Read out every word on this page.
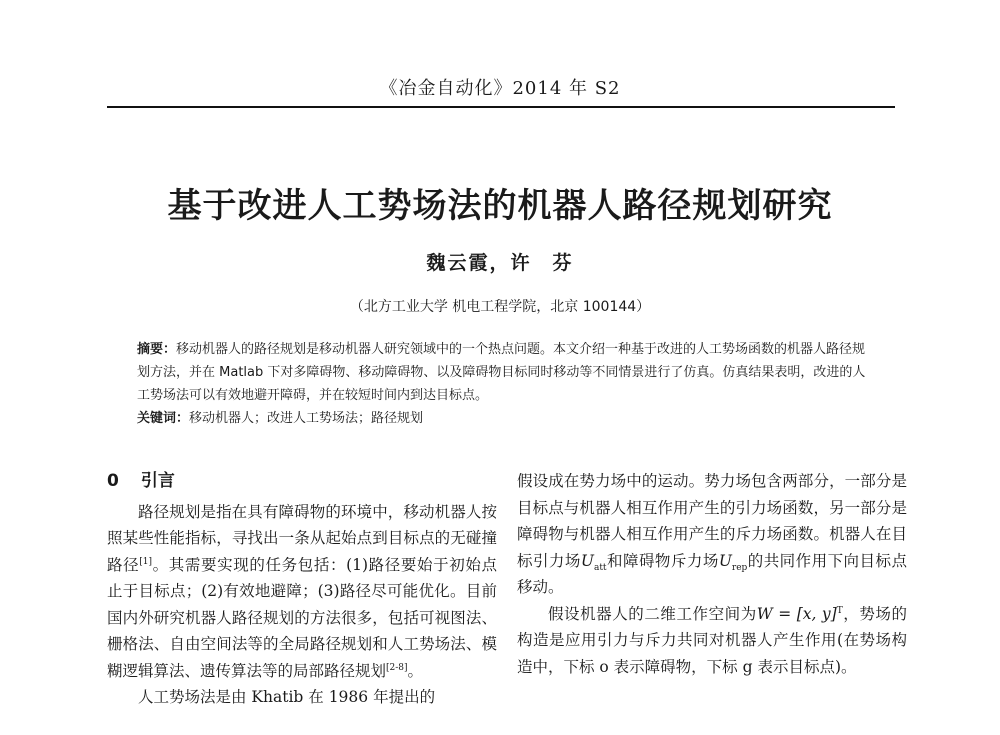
《冶金自动化》2014 年 S2
基于改进人工势场法的机器人路径规划研究
魏云霞，许　芬
（北方工业大学 机电工程学院，北京 100144）

摘要：移动机器人的路径规划是移动机器人研究领域中的一个热点问题。本文介绍一种基于改进的人工势场函数的机器人路径规划方法，并在 Matlab 下对多障碍物、移动障碍物、以及障碍物目标同时移动等不同情景进行了仿真。仿真结果表明，改进的人工势场法可以有效地避开障碍，并在较短时间内到达目标点。

关键词：移动机器人；改进人工势场法；路径规划

0 引言

路径规划是指在具有障碍物的环境中，移动机器人按照某些性能指标，寻找出一条从起始点到目标点的无碰撞路径[1]。其需要实现的任务包括：(1)路径要始于初始点止于目标点；(2)有效地避障；(3)路径尽可能优化。目前国内外研究机器人路径规划的方法很多，包括可视图法、栅格法、自由空间法等的全局路径规划和人工势场法、模糊逻辑算法、遗传算法等的局部路径规划[2-8]。

人工势场法是由 Khatib 在 1986 年提出的

假设成在势力场中的运动。势力场包含两部分，一部分是目标点与机器人相互作用产生的引力场函数，另一部分是障碍物与机器人相互作用产生的斥力场函数。机器人在目标引力场$U_{att}$和障碍物斥力场$U_{rep}$的共同作用下向目标点移动。

假设机器人的二维工作空间为W = [x, y]$^T$，势场的构造是应用引力与斥力共同对机器人产生作用(在势场构造中，下标 o 表示障碍物，下标 g 表示目标点)。
